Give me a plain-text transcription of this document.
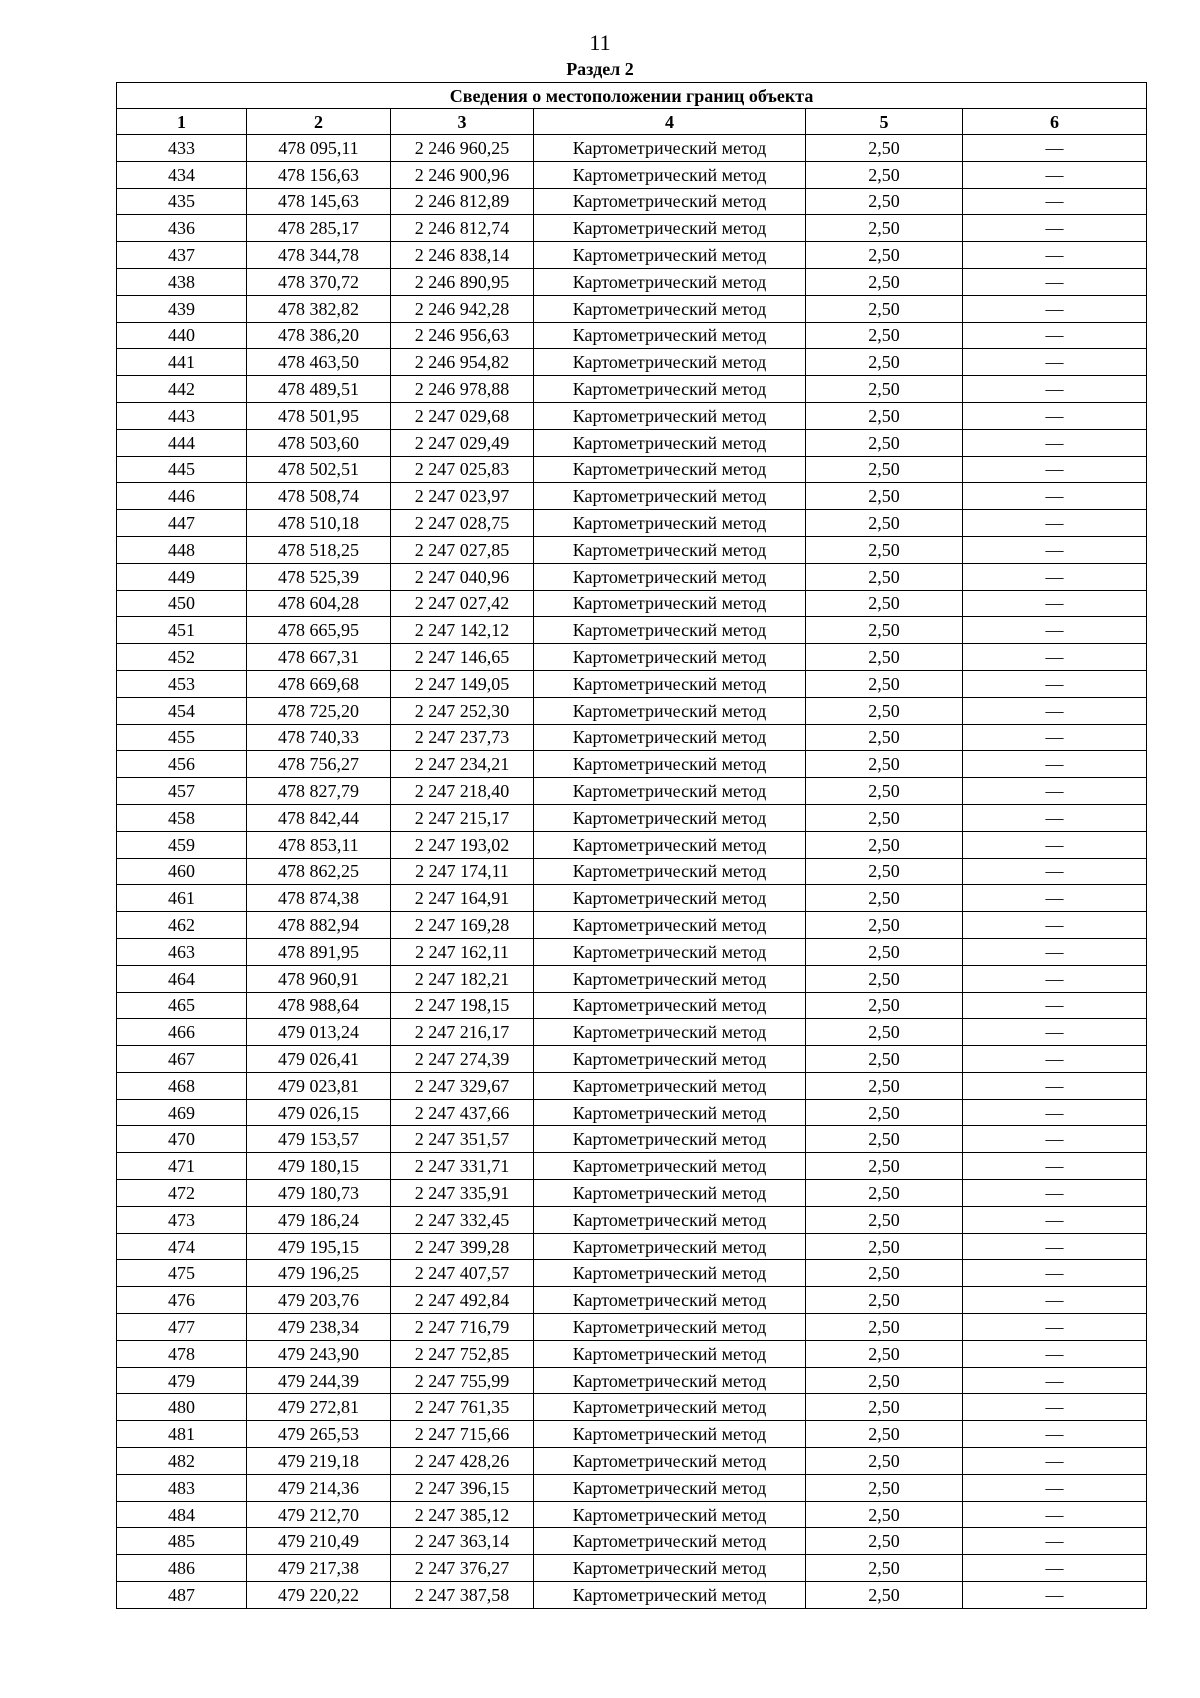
11
Раздел 2
Сведения о местоположении границ объекта					
1	2	3	4	5	6
433	478 095,11	2 246 960,25	Картометрический метод	2,50	—
434	478 156,63	2 246 900,96	Картометрический метод	2,50	—
435	478 145,63	2 246 812,89	Картометрический метод	2,50	—
436	478 285,17	2 246 812,74	Картометрический метод	2,50	—
437	478 344,78	2 246 838,14	Картометрический метод	2,50	—
438	478 370,72	2 246 890,95	Картометрический метод	2,50	—
439	478 382,82	2 246 942,28	Картометрический метод	2,50	—
440	478 386,20	2 246 956,63	Картометрический метод	2,50	—
441	478 463,50	2 246 954,82	Картометрический метод	2,50	—
442	478 489,51	2 246 978,88	Картометрический метод	2,50	—
443	478 501,95	2 247 029,68	Картометрический метод	2,50	—
444	478 503,60	2 247 029,49	Картометрический метод	2,50	—
445	478 502,51	2 247 025,83	Картометрический метод	2,50	—
446	478 508,74	2 247 023,97	Картометрический метод	2,50	—
447	478 510,18	2 247 028,75	Картометрический метод	2,50	—
448	478 518,25	2 247 027,85	Картометрический метод	2,50	—
449	478 525,39	2 247 040,96	Картометрический метод	2,50	—
450	478 604,28	2 247 027,42	Картометрический метод	2,50	—
451	478 665,95	2 247 142,12	Картометрический метод	2,50	—
452	478 667,31	2 247 146,65	Картометрический метод	2,50	—
453	478 669,68	2 247 149,05	Картометрический метод	2,50	—
454	478 725,20	2 247 252,30	Картометрический метод	2,50	—
455	478 740,33	2 247 237,73	Картометрический метод	2,50	—
456	478 756,27	2 247 234,21	Картометрический метод	2,50	—
457	478 827,79	2 247 218,40	Картометрический метод	2,50	—
458	478 842,44	2 247 215,17	Картометрический метод	2,50	—
459	478 853,11	2 247 193,02	Картометрический метод	2,50	—
460	478 862,25	2 247 174,11	Картометрический метод	2,50	—
461	478 874,38	2 247 164,91	Картометрический метод	2,50	—
462	478 882,94	2 247 169,28	Картометрический метод	2,50	—
463	478 891,95	2 247 162,11	Картометрический метод	2,50	—
464	478 960,91	2 247 182,21	Картометрический метод	2,50	—
465	478 988,64	2 247 198,15	Картометрический метод	2,50	—
466	479 013,24	2 247 216,17	Картометрический метод	2,50	—
467	479 026,41	2 247 274,39	Картометрический метод	2,50	—
468	479 023,81	2 247 329,67	Картометрический метод	2,50	—
469	479 026,15	2 247 437,66	Картометрический метод	2,50	—
470	479 153,57	2 247 351,57	Картометрический метод	2,50	—
471	479 180,15	2 247 331,71	Картометрический метод	2,50	—
472	479 180,73	2 247 335,91	Картометрический метод	2,50	—
473	479 186,24	2 247 332,45	Картометрический метод	2,50	—
474	479 195,15	2 247 399,28	Картометрический метод	2,50	—
475	479 196,25	2 247 407,57	Картометрический метод	2,50	—
476	479 203,76	2 247 492,84	Картометрический метод	2,50	—
477	479 238,34	2 247 716,79	Картометрический метод	2,50	—
478	479 243,90	2 247 752,85	Картометрический метод	2,50	—
479	479 244,39	2 247 755,99	Картометрический метод	2,50	—
480	479 272,81	2 247 761,35	Картометрический метод	2,50	—
481	479 265,53	2 247 715,66	Картометрический метод	2,50	—
482	479 219,18	2 247 428,26	Картометрический метод	2,50	—
483	479 214,36	2 247 396,15	Картометрический метод	2,50	—
484	479 212,70	2 247 385,12	Картометрический метод	2,50	—
485	479 210,49	2 247 363,14	Картометрический метод	2,50	—
486	479 217,38	2 247 376,27	Картометрический метод	2,50	—
487	479 220,22	2 247 387,58	Картометрический метод	2,50	—
